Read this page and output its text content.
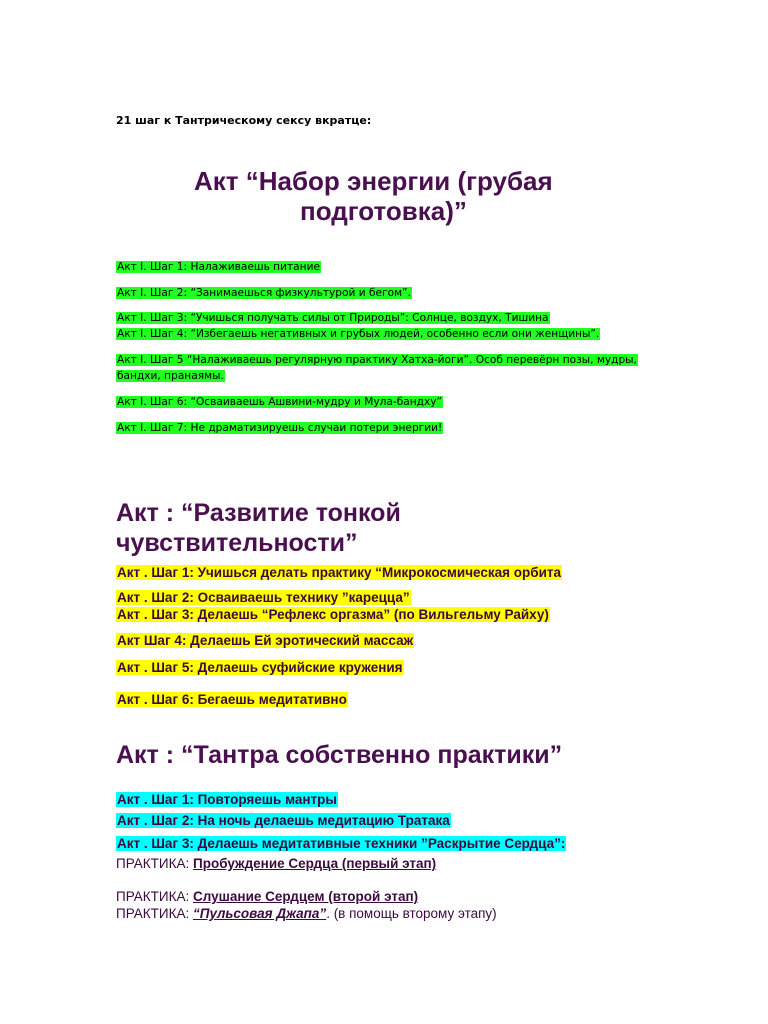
21 шаг к Тантрическому сексу вкратце:
Акт “Набор энергии (грубая
подготовка)”
Акт I. Шаг 1: Налаживаешь питание
Акт I. Шаг 2: “Занимаешься физкультурой и бегом”.
Акт I. Шаг 3: “Учишься получать силы от Природы”: Солнце, воздух, Тишина
Акт I. Шаг 4: “Избегаешь негативных и грубых людей, особенно если они женщины”.
Акт I. Шаг 5 “Налаживаешь регулярную практику Хатха-йоги”. Особ перевёрн позы, мудры,
бандхи, пранаямы.
Акт I. Шаг 6: “Осваиваешь Ашвини-мудру и Мула-бандху”
Акт I. Шаг 7: Не драматизируешь случаи потери энергии!
Акт : “Развитие тонкой
чувствительности”
Акт . Шаг 1: Учишься делать практику “Микрокосмическая орбита
Акт . Шаг 2: Осваиваешь технику ”карецца”
Акт . Шаг 3: Делаешь “Рефлекс оргазма” (по Вильгельму Райху)
Акт Шаг 4: Делаешь Ей эротический массаж
Акт . Шаг 5: Делаешь суфийские кружения
Акт . Шаг 6: Бегаешь медитативно
Акт : “Тантра собственно практики”
Акт . Шаг 1: Повторяешь мантры
Акт . Шаг 2: На ночь делаешь медитацию Тратака
Акт . Шаг 3: Делаешь медитативные техники ”Раскрытие Сердца”:
ПРАКТИКА: Пробуждение Сердца (первый этап)
ПРАКТИКА: Слушание Сердцем (второй этап)
ПРАКТИКА: “Пульсовая Джапа”. (в помощь второму этапу)
